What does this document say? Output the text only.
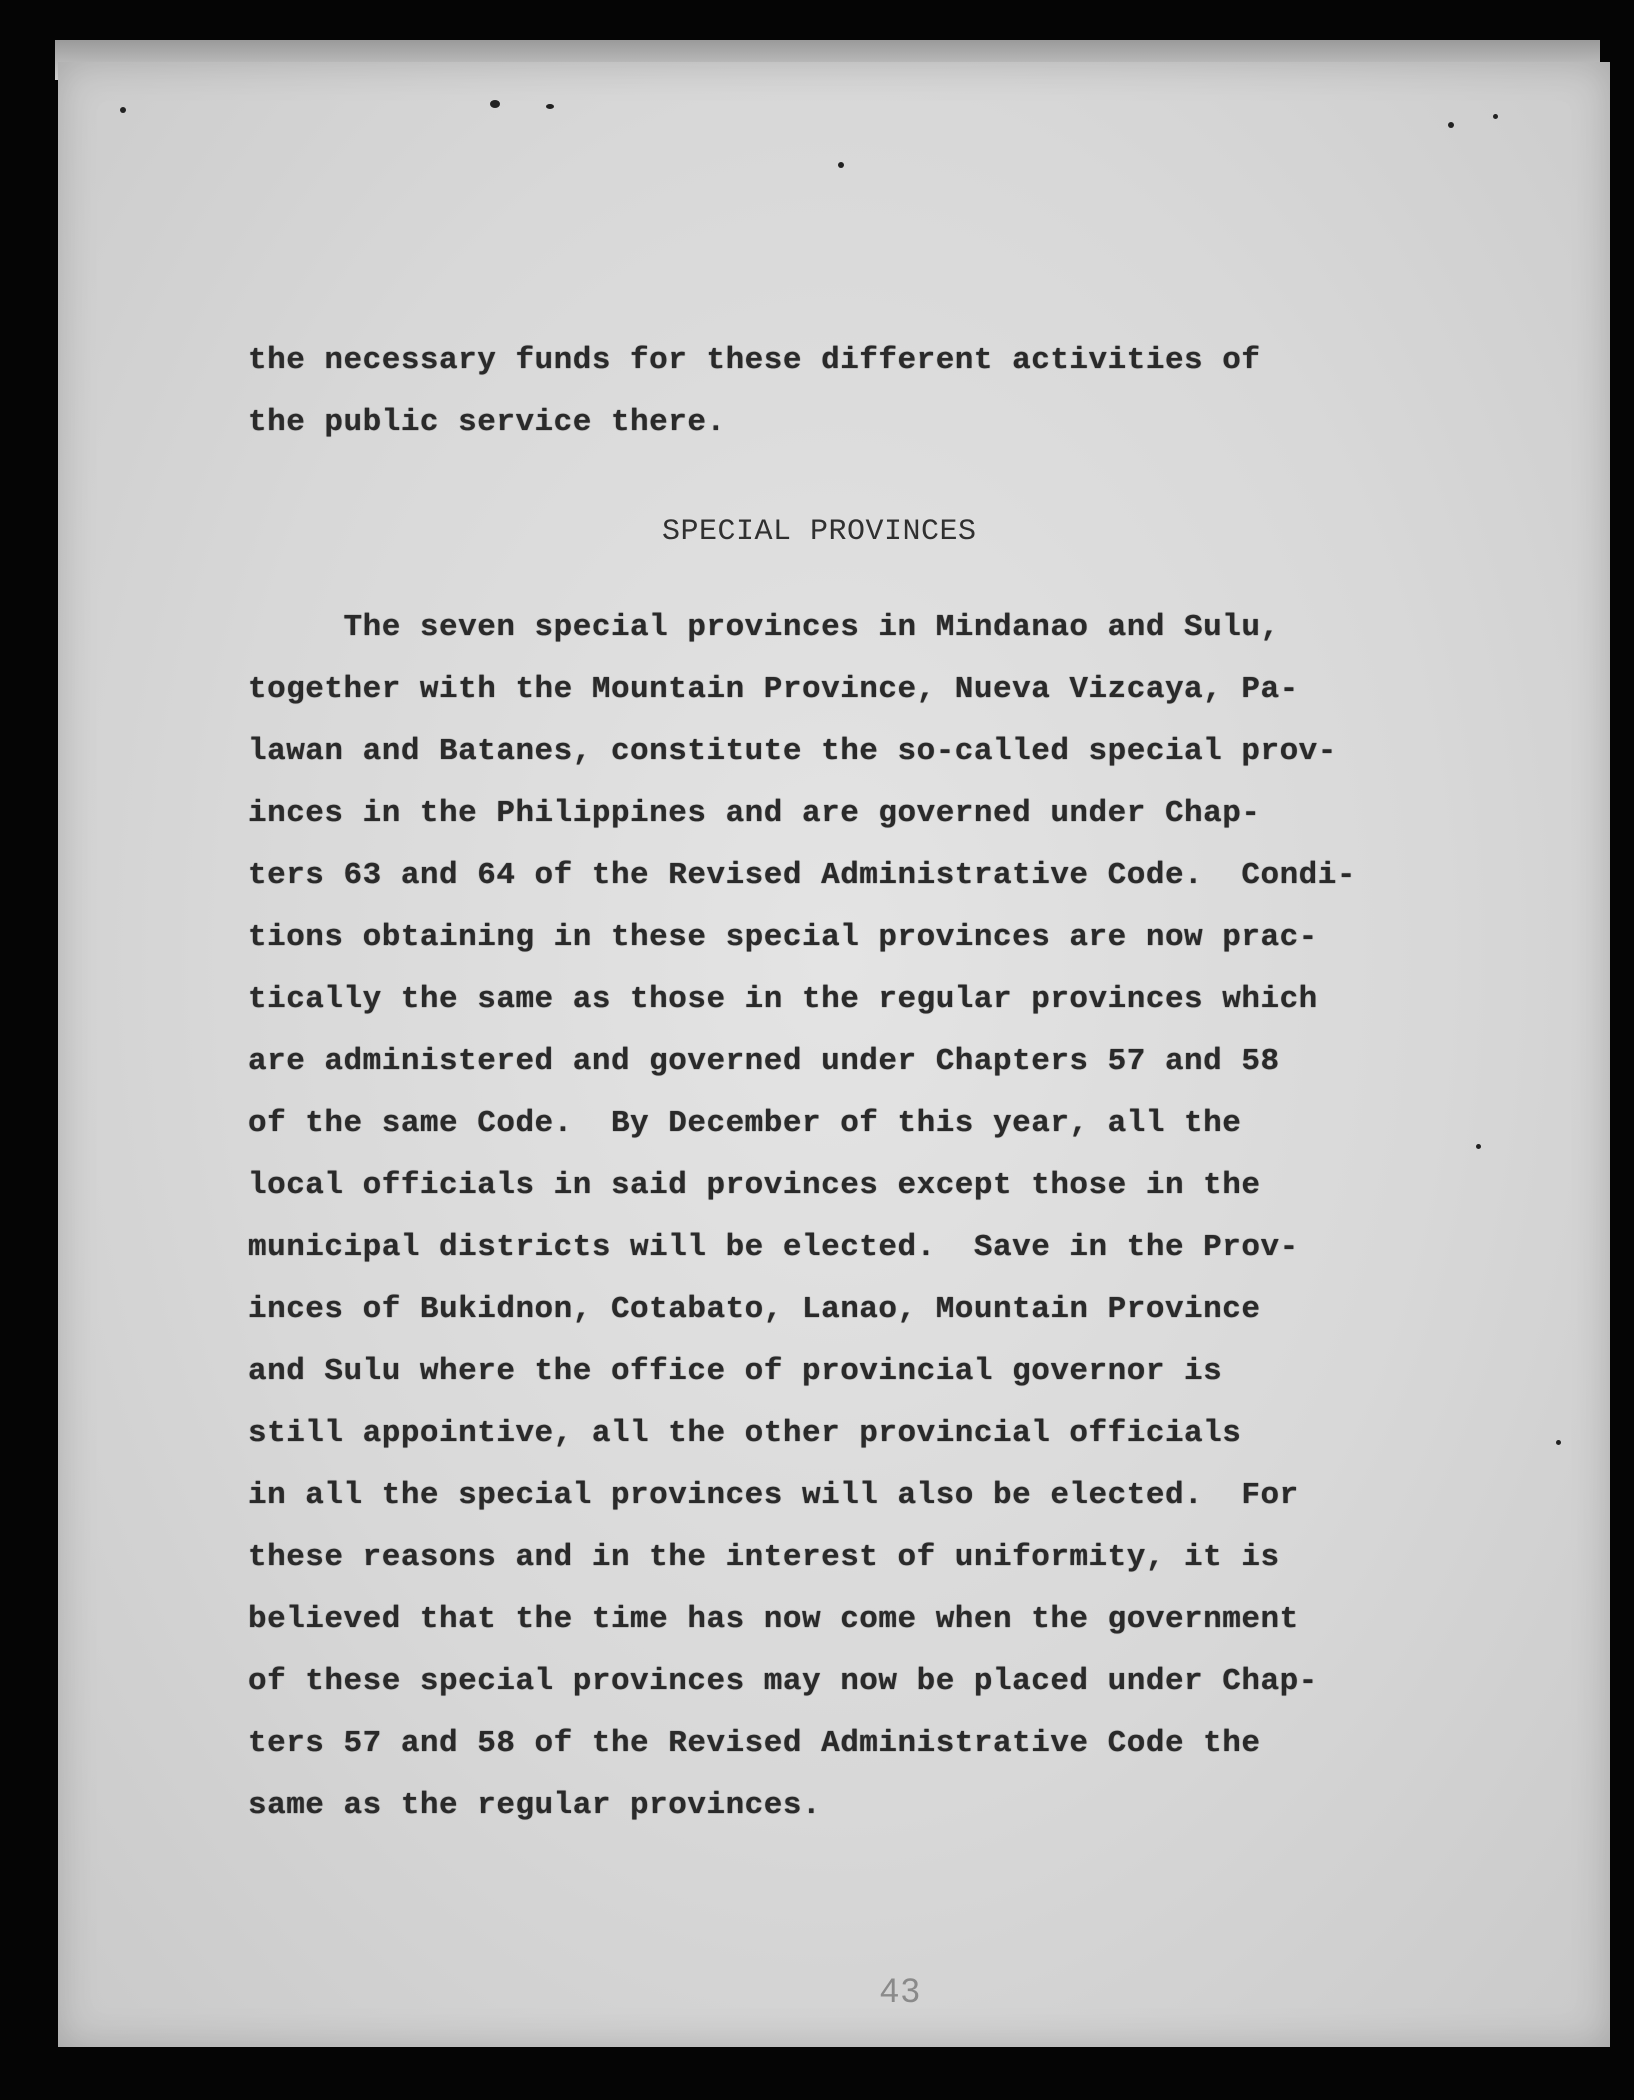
the necessary funds for these different activities of
the public service there.
SPECIAL PROVINCES
The seven special provinces in Mindanao and Sulu,
together with the Mountain Province, Nueva Vizcaya, Pa-
lawan and Batanes, constitute the so-called special prov-
inces in the Philippines and are governed under Chap-
ters 63 and 64 of the Revised Administrative Code.  Condi-
tions obtaining in these special provinces are now prac-
tically the same as those in the regular provinces which
are administered and governed under Chapters 57 and 58
of the same Code.  By December of this year, all the
local officials in said provinces except those in the
municipal districts will be elected.  Save in the Prov-
inces of Bukidnon, Cotabato, Lanao, Mountain Province
and Sulu where the office of provincial governor is
still appointive, all the other provincial officials
in all the special provinces will also be elected.  For
these reasons and in the interest of uniformity, it is
believed that the time has now come when the government
of these special provinces may now be placed under Chap-
ters 57 and 58 of the Revised Administrative Code the
same as the regular provinces.
43
